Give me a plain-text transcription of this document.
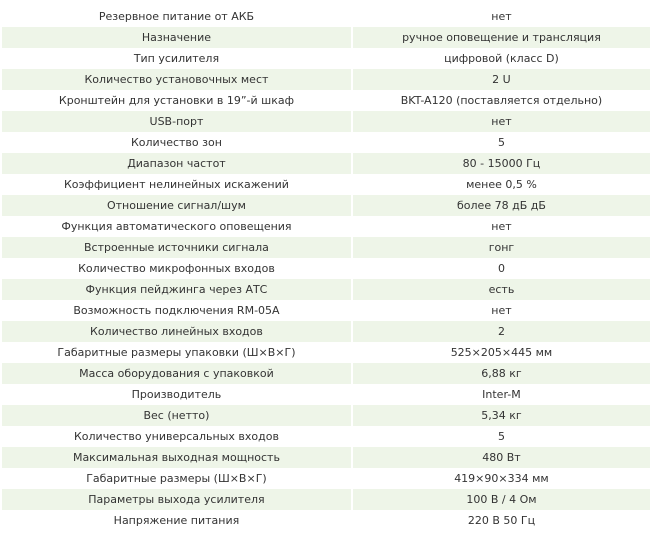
Резервное питание от АКБ	нет
Назначение	ручное оповещение и трансляция
Тип усилителя	цифровой (класс D)
Количество установочных мест	2 U
Кронштейн для установки в 19”-й шкаф	BKT-A120 (поставляется отдельно)
USB-порт	нет
Количество зон	5
Диапазон частот	80 - 15000 Гц
Коэффициент нелинейных искажений	менее 0,5 %
Отношение сигнал/шум	более 78 дБ дБ
Функция автоматического оповещения	нет
Встроенные источники сигнала	гонг
Количество микрофонных входов	0
Функция пейджинга через АТС	есть
Возможность подключения RM-05A	нет
Количество линейных входов	2
Габаритные размеры упаковки (Ш×В×Г)	525×205×445 мм
Масса оборудования с упаковкой	6,88 кг
Производитель	Inter-M
Вес (нетто)	5,34 кг
Количество универсальных входов	5
Максимальная выходная мощность	480 Вт
Габаритные размеры (Ш×В×Г)	419×90×334 мм
Параметры выхода усилителя	100 В / 4 Ом
Напряжение питания	220 В 50 Гц
